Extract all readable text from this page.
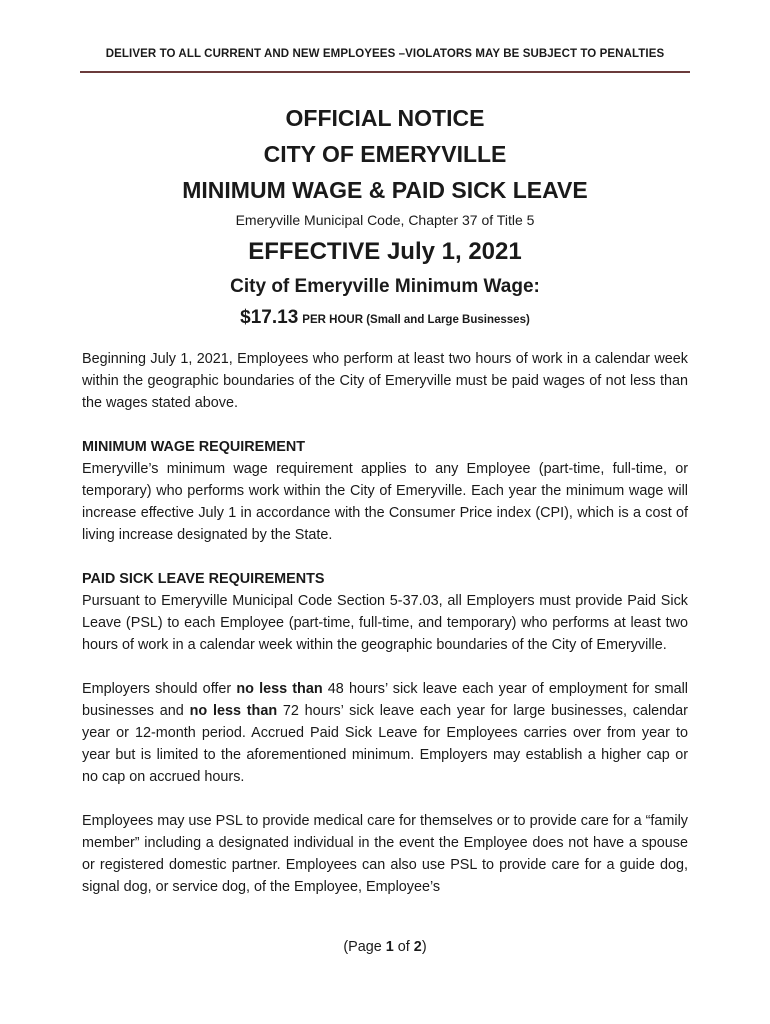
DELIVER TO ALL CURRENT AND NEW EMPLOYEES –VIOLATORS MAY BE SUBJECT TO PENALTIES

OFFICIAL NOTICE

CITY OF EMERYVILLE

MINIMUM WAGE & PAID SICK LEAVE

Emeryville Municipal Code, Chapter 37 of Title 5

EFFECTIVE July 1, 2021

City of Emeryville Minimum Wage:

$17.13 PER HOUR (Small and Large Businesses)

Beginning July 1, 2021, Employees who perform at least two hours of work in a calendar week within the geographic boundaries of the City of Emeryville must be paid wages of not less than the wages stated above.

MINIMUM WAGE REQUIREMENT

Emeryville’s minimum wage requirement applies to any Employee (part-time, full-time, or temporary) who performs work within the City of Emeryville. Each year the minimum wage will increase effective July 1 in accordance with the Consumer Price index (CPI), which is a cost of living increase designated by the State.

PAID SICK LEAVE REQUIREMENTS

Pursuant to Emeryville Municipal Code Section 5-37.03, all Employers must provide Paid Sick Leave (PSL) to each Employee (part-time, full-time, and temporary) who performs at least two hours of work in a calendar week within the geographic boundaries of the City of Emeryville.

Employers should offer no less than 48 hours’ sick leave each year of employment for small businesses and no less than 72 hours’ sick leave each year for large businesses, calendar year or 12-month period. Accrued Paid Sick Leave for Employees carries over from year to year but is limited to the aforementioned minimum. Employers may establish a higher cap or no cap on accrued hours.

Employees may use PSL to provide medical care for themselves or to provide care for a “family member” including a designated individual in the event the Employee does not have a spouse or registered domestic partner. Employees can also use PSL to provide care for a guide dog, signal dog, or service dog, of the Employee, Employee’s

(Page 1 of 2)
